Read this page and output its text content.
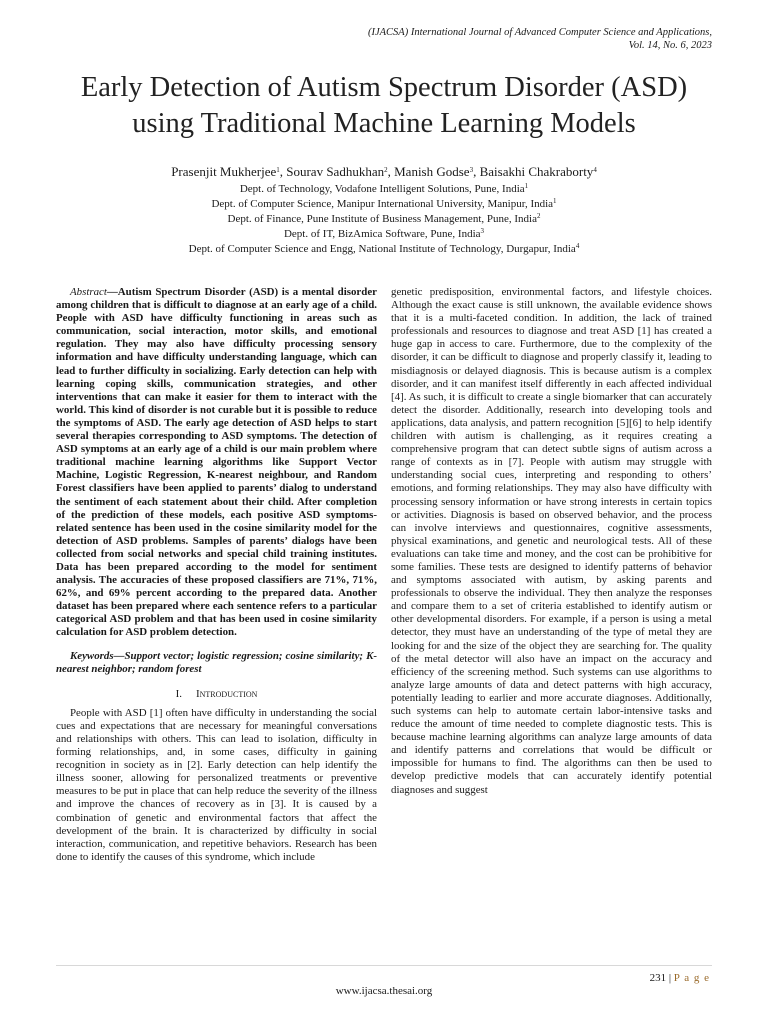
(IJACSA) International Journal of Advanced Computer Science and Applications,
Vol. 14, No. 6, 2023
Early Detection of Autism Spectrum Disorder (ASD)
using Traditional Machine Learning Models
Prasenjit Mukherjee$^1$, Sourav Sadhukhan$^2$, Manish Godse$^3$, Baisakhi Chakraborty$^4$
Dept. of Technology, Vodafone Intelligent Solutions, Pune, India$^1$
Dept. of Computer Science, Manipur International University, Manipur, India$^1$
Dept. of Finance, Pune Institute of Business Management, Pune, India$^2$
Dept. of IT, BizAmica Software, Pune, India$^3$
Dept. of Computer Science and Engg, National Institute of Technology, Durgapur, India$^4$

Abstract—Autism Spectrum Disorder (ASD) is a mental disorder among children that is difficult to diagnose at an early age of a child. People with ASD have difficulty functioning in areas such as communication, social interaction, motor skills, and emotional regulation. They may also have difficulty processing sensory information and have difficulty understanding language, which can lead to further difficulty in socializing. Early detection can help with learning coping skills, communication strategies, and other interventions that can make it easier for them to interact with the world. This kind of disorder is not curable but it is possible to reduce the symptoms of ASD. The early age detection of ASD helps to start several therapies corresponding to ASD symptoms. The detection of ASD symptoms at an early age of a child is our main problem where traditional machine learning algorithms like Support Vector Machine, Logistic Regression, K-nearest neighbour, and Random Forest classifiers have been applied to parents’ dialog to understand the sentiment of each statement about their child. After completion of the prediction of these models, each positive ASD symptoms-related sentence has been used in the cosine similarity model for the detection of ASD problems. Samples of parents’ dialogs have been collected from social networks and special child training institutes. Data has been prepared according to the model for sentiment analysis. The accuracies of these proposed classifiers are 71%, 71%, 62%, and 69% percent according to the prepared data. Another dataset has been prepared where each sentence refers to a particular categorical ASD problem and that has been used in cosine similarity calculation for ASD problem detection.

Keywords—Support vector; logistic regression; cosine similarity; K-nearest neighbor; random forest

I. Introduction

People with ASD [1] often have difficulty in understanding the social cues and expectations that are necessary for meaningful conversations and relationships with others. This can lead to isolation, difficulty in forming relationships, and, in some cases, difficulty in gaining recognition in society as in [2]. Early detection can help identify the illness sooner, allowing for personalized treatments or preventive measures to be put in place that can help reduce the severity of the illness and improve the chances of recovery as in [3]. It is caused by a combination of genetic and environmental factors that affect the development of the brain. It is characterized by difficulty in social interaction, communication, and repetitive behaviors. Research has been done to identify the causes of this syndrome, which include

genetic predisposition, environmental factors, and lifestyle choices. Although the exact cause is still unknown, the available evidence shows that it is a multi-faceted condition. In addition, the lack of trained professionals and resources to diagnose and treat ASD [1] has created a huge gap in access to care. Furthermore, due to the complexity of the disorder, it can be difficult to diagnose and properly classify it, leading to misdiagnosis or delayed diagnosis. This is because autism is a complex disorder, and it can manifest itself differently in each affected individual [4]. As such, it is difficult to create a single biomarker that can accurately detect the disorder. Additionally, research into developing tools and applications, data analysis, and pattern recognition [5][6] to help identify children with autism is challenging, as it requires creating a comprehensive program that can detect subtle signs of autism across a range of contexts as in [7]. People with autism may struggle with understanding social cues, interpreting and responding to others’ emotions, and forming relationships. They may also have difficulty with processing sensory information or have strong interests in certain topics or activities. Diagnosis is based on observed behavior, and the process can involve interviews and questionnaires, cognitive assessments, physical examinations, and genetic and neurological tests. All of these evaluations can take time and money, and the cost can be prohibitive for some families. These tests are designed to identify patterns of behavior and symptoms associated with autism, by asking parents and professionals to observe the individual. They then analyze the responses and compare them to a set of criteria established to identify autism or other developmental disorders. For example, if a person is using a metal detector, they must have an understanding of the type of metal they are looking for and the size of the object they are searching for. The quality of the metal detector will also have an impact on the accuracy and efficiency of the screening method. Such systems can use algorithms to analyze large amounts of data and detect patterns with high accuracy, potentially leading to earlier and more accurate diagnoses. Additionally, such systems can help to automate certain labor-intensive tasks and reduce the amount of time needed to complete diagnostic tests. This is because machine learning algorithms can analyze large amounts of data and identify patterns and correlations that would be difficult or impossible for humans to find. The algorithms can then be used to develop predictive models that can accurately identify potential diagnoses and suggest

231 | P a g e
www.ijacsa.thesai.org
